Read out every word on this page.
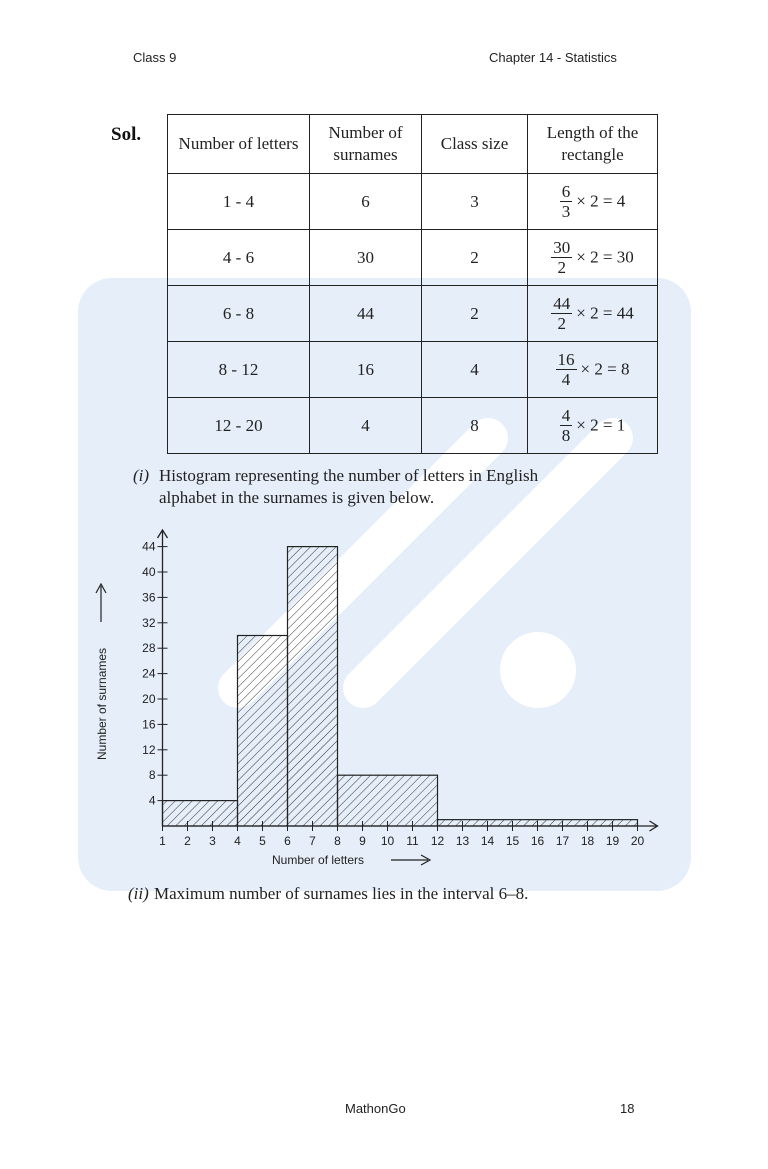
Class 9	Chapter 14 - Statistics
Sol. Number of letters	Number of surnames	Class size	Length of the rectangle
1 - 4	6	3	$\frac{6}{3} \times 2 = 4$
4 - 6	30	2	$\frac{30}{2} \times 2 = 30$
6 - 8	44	2	$\frac{44}{2} \times 2 = 44$
8 - 12	16	4	$\frac{16}{4} \times 2 = 8$
12 - 20	4	8	$\frac{4}{8} \times 2 = 1$
(i) Histogram representing the number of letters in English
alphabet in the surnames is given below.
1 2 3 4 5 6 7 8 9 10 11 12 13 14 15 16 17 18 19 20
4
8
12
16
20
24
28
32
36
40
44
Number of letters
Number of surnames
(ii) Maximum number of surnames lies in the interval 6–8.
MathonGo	18
